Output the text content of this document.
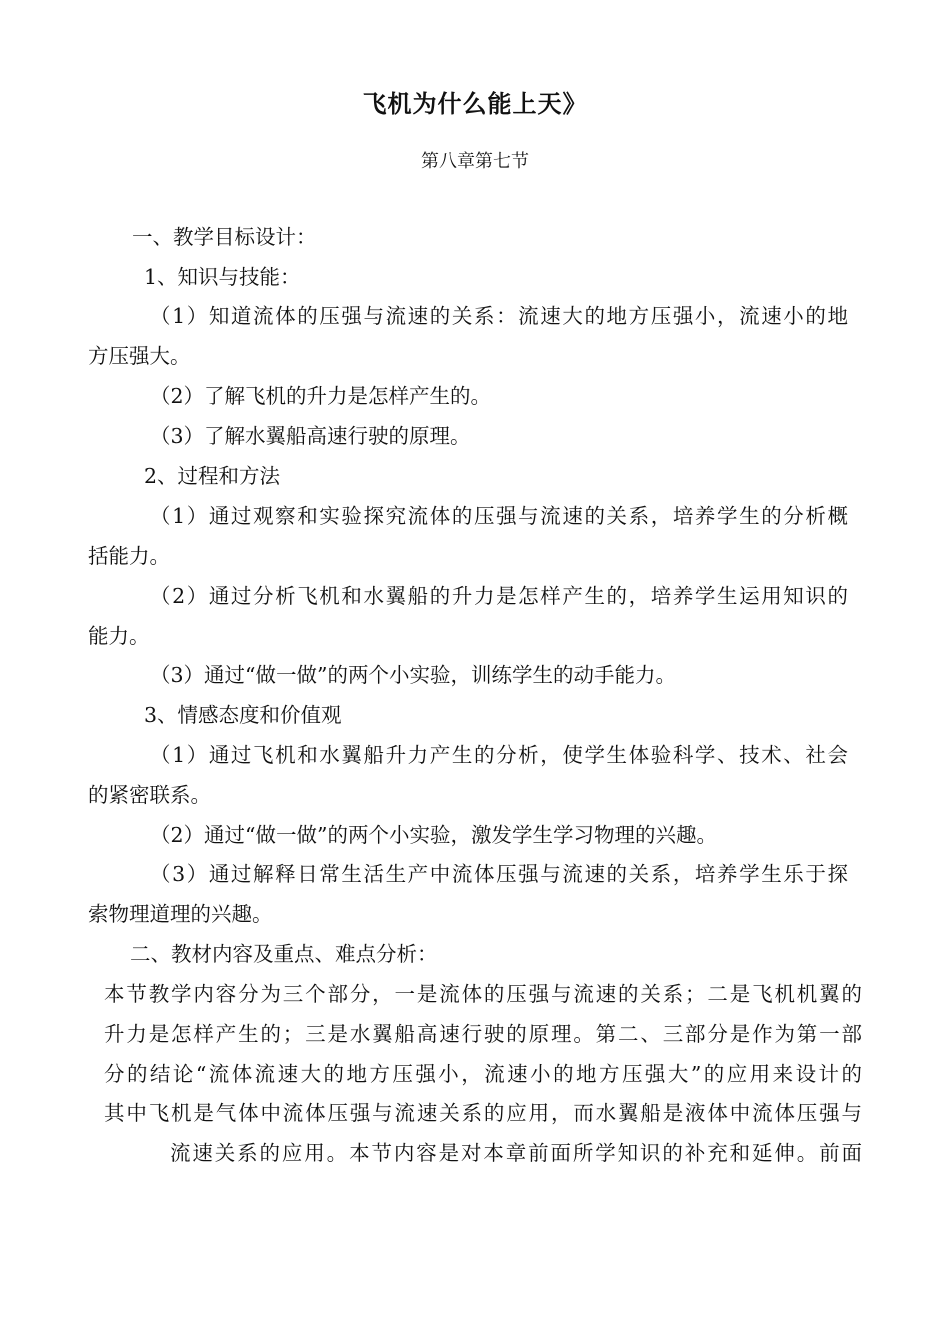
飞机为什么能上天》
第八章第七节
一、教学目标设计：
1、知识与技能：
（1）知道流体的压强与流速的关系：流速大的地方压强小，流速小的地
方压强大。
（2）了解飞机的升力是怎样产生的。
（3）了解水翼船高速行驶的原理。
2、过程和方法
（1）通过观察和实验探究流体的压强与流速的关系，培养学生的分析概
括能力。
（2）通过分析飞机和水翼船的升力是怎样产生的，培养学生运用知识的
能力。
（3）通过“做一做”的两个小实验，训练学生的动手能力。
3、情感态度和价值观
（1）通过飞机和水翼船升力产生的分析，使学生体验科学、技术、社会
的紧密联系。
（2）通过“做一做”的两个小实验，激发学生学习物理的兴趣。
（3）通过解释日常生活生产中流体压强与流速的关系，培养学生乐于探
索物理道理的兴趣。
二、教材内容及重点、难点分析：
本节教学内容分为三个部分，一是流体的压强与流速的关系；二是飞机机翼的
升力是怎样产生的；三是水翼船高速行驶的原理。第二、三部分是作为第一部
分的结论“流体流速大的地方压强小，流速小的地方压强大”的应用来设计的
其中飞机是气体中流体压强与流速关系的应用，而水翼船是液体中流体压强与
流速关系的应用。本节内容是对本章前面所学知识的补充和延伸。前面
